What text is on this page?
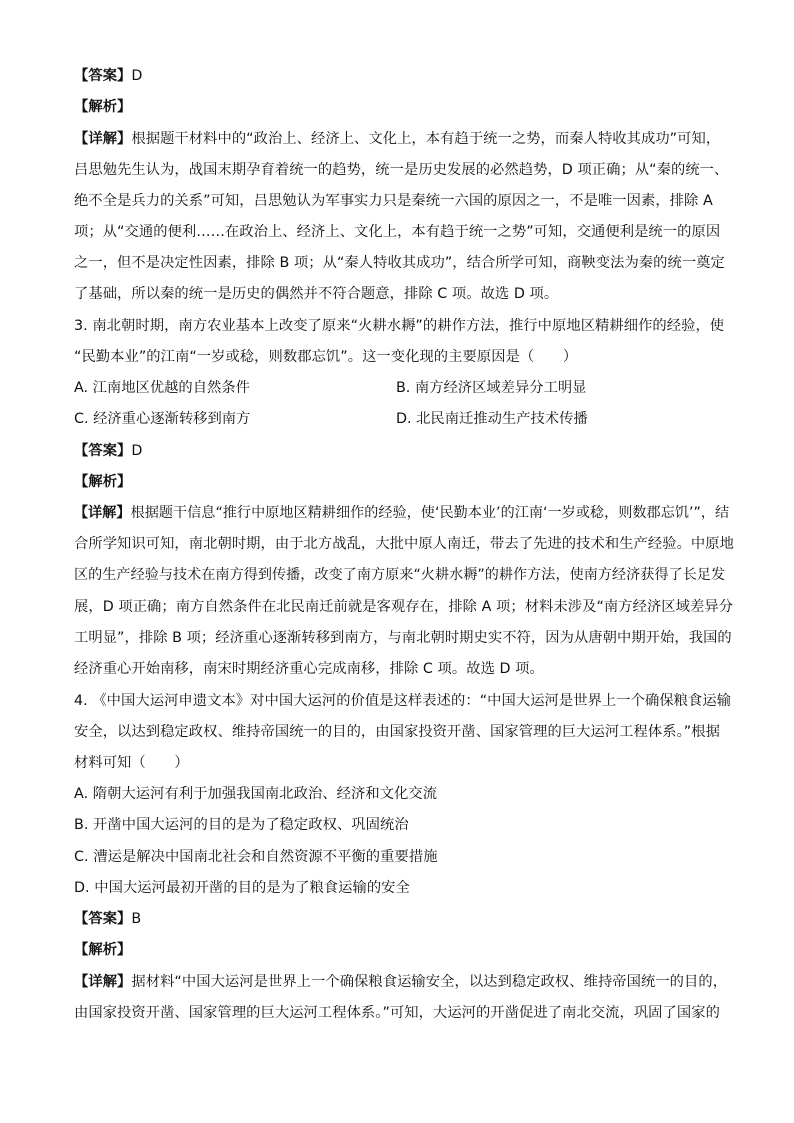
【答案】D
【解析】
【详解】根据题干材料中的“政治上、经济上、文化上，本有趋于统一之势，而秦人特收其成功”可知，
吕思勉先生认为，战国末期孕育着统一的趋势，统一是历史发展的必然趋势，D 项正确；从“秦的统一、
绝不全是兵力的关系”可知，吕思勉认为军事实力只是秦统一六国的原因之一，不是唯一因素，排除 A
项；从“交通的便利……在政治上、经济上、文化上，本有趋于统一之势”可知，交通便利是统一的原因
之一，但不是决定性因素，排除 B 项；从“秦人特收其成功”，结合所学可知，商鞅变法为秦的统一奠定
了基础，所以秦的统一是历史的偶然并不符合题意，排除 C 项。故选 D 项。
3. 南北朝时期，南方农业基本上改变了原来“火耕水耨”的耕作方法，推行中原地区精耕细作的经验，使
“民勤本业”的江南“一岁或稔，则数郡忘饥”。这一变化现的主要原因是（　　）
A. 江南地区优越的自然条件	B. 南方经济区域差异分工明显
C. 经济重心逐渐转移到南方	D. 北民南迁推动生产技术传播
【答案】D
【解析】
【详解】根据题干信息“推行中原地区精耕细作的经验，使‘民勤本业’的江南‘一岁或稔，则数郡忘饥’”，结
合所学知识可知，南北朝时期，由于北方战乱，大批中原人南迁，带去了先进的技术和生产经验。中原地
区的生产经验与技术在南方得到传播，改变了南方原来“火耕水耨”的耕作方法，使南方经济获得了长足发
展，D 项正确；南方自然条件在北民南迁前就是客观存在，排除 A 项；材料未涉及“南方经济区域差异分
工明显”，排除 B 项；经济重心逐渐转移到南方，与南北朝时期史实不符，因为从唐朝中期开始，我国的
经济重心开始南移，南宋时期经济重心完成南移，排除 C 项。故选 D 项。
4. 《中国大运河申遗文本》对中国大运河的价值是这样表述的：“中国大运河是世界上一个确保粮食运输
安全，以达到稳定政权、维持帝国统一的目的，由国家投资开凿、国家管理的巨大运河工程体系。”根据
材料可知（　　）
A. 隋朝大运河有利于加强我国南北政治、经济和文化交流
B. 开凿中国大运河的目的是为了稳定政权、巩固统治
C. 漕运是解决中国南北社会和自然资源不平衡的重要措施
D. 中国大运河最初开凿的目的是为了粮食运输的安全
【答案】B
【解析】
【详解】据材料“中国大运河是世界上一个确保粮食运输安全，以达到稳定政权、维持帝国统一的目的，
由国家投资开凿、国家管理的巨大运河工程体系。”可知，大运河的开凿促进了南北交流，巩固了国家的
